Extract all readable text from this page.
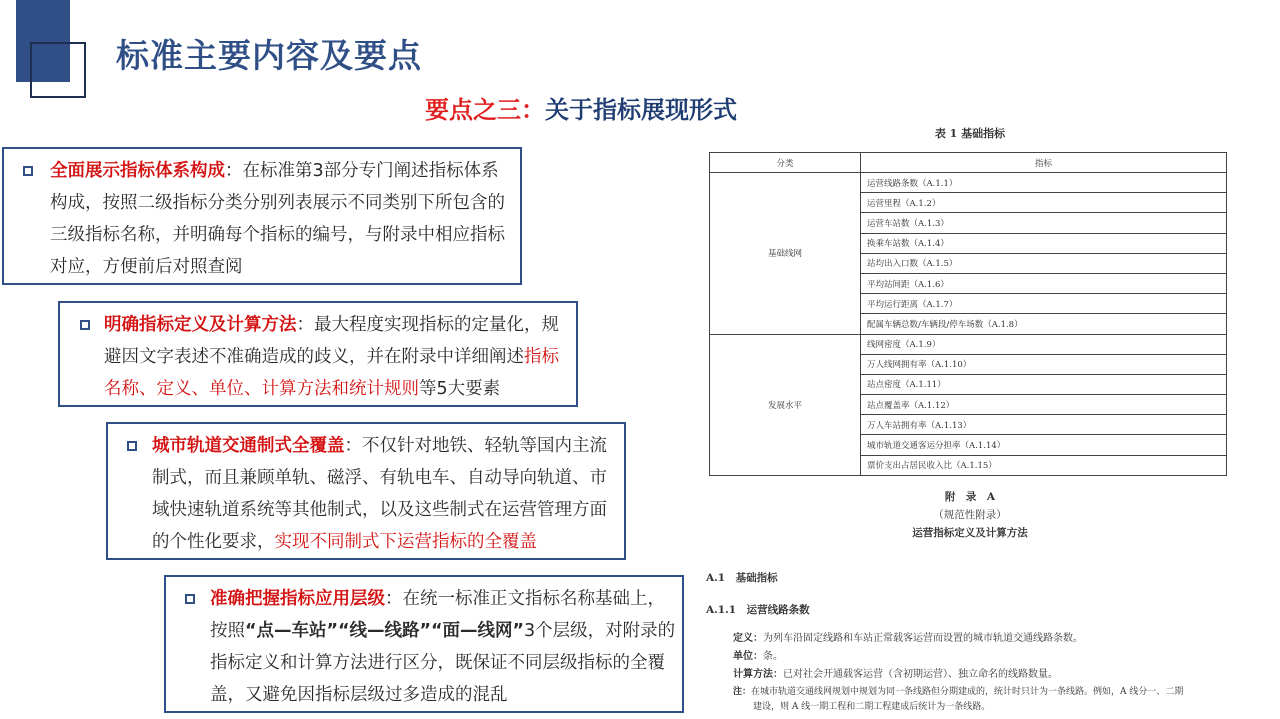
标准主要内容及要点
要点之三：关于指标展现形式

全面展示指标体系构成：在标准第3部分专门阐述指标体系构成，按照二级指标分类分别列表展示不同类别下所包含的三级指标名称，并明确每个指标的编号，与附录中相应指标对应，方便前后对照查阅

明确指标定义及计算方法：最大程度实现指标的定量化，规避因文字表述不准确造成的歧义，并在附录中详细阐述指标名称、定义、单位、计算方法和统计规则等5大要素

城市轨道交通制式全覆盖：不仅针对地铁、轻轨等国内主流制式，而且兼顾单轨、磁浮、有轨电车、自动导向轨道、市域快速轨道系统等其他制式，以及这些制式在运营管理方面的个性化要求，实现不同制式下运营指标的全覆盖

准确把握指标应用层级：在统一标准正文指标名称基础上，按照“点—车站”“线—线路”“面—线网”3个层级，对附录的指标定义和计算方法进行区分，既保证不同层级指标的全覆盖，又避免因指标层级过多造成的混乱

表 1 基础指标
分类	指标
基础线网	运营线路条数（A.1.1）
	运营里程（A.1.2）
	运营车站数（A.1.3）
	换乘车站数（A.1.4）
	站均出入口数（A.1.5）
	平均站间距（A.1.6）
	平均运行距离（A.1.7）
	配属车辆总数/车辆段/停车场数（A.1.8）
发展水平	线网密度（A.1.9）
	万人线网拥有率（A.1.10）
	站点密度（A.1.11）
	站点覆盖率（A.1.12）
	万人车站拥有率（A.1.13）
	城市轨道交通客运分担率（A.1.14）
	票价支出占居民收入比（A.1.15）
附　录　A
（规范性附录）
运营指标定义及计算方法
A.1　基础指标
A.1.1　运营线路条数
定义：为列车沿固定线路和车站正常载客运营而设置的城市轨道交通线路条数。
单位：条。
计算方法：已对社会开通载客运营（含初期运营）、独立命名的线路数量。
注：在城市轨道交通线网规划中规划为同一条线路但分期建成的，统计时只计为一条线路。例如，A 线分一、二期
建设，则 A 线一期工程和二期工程建成后统计为一条线路。
